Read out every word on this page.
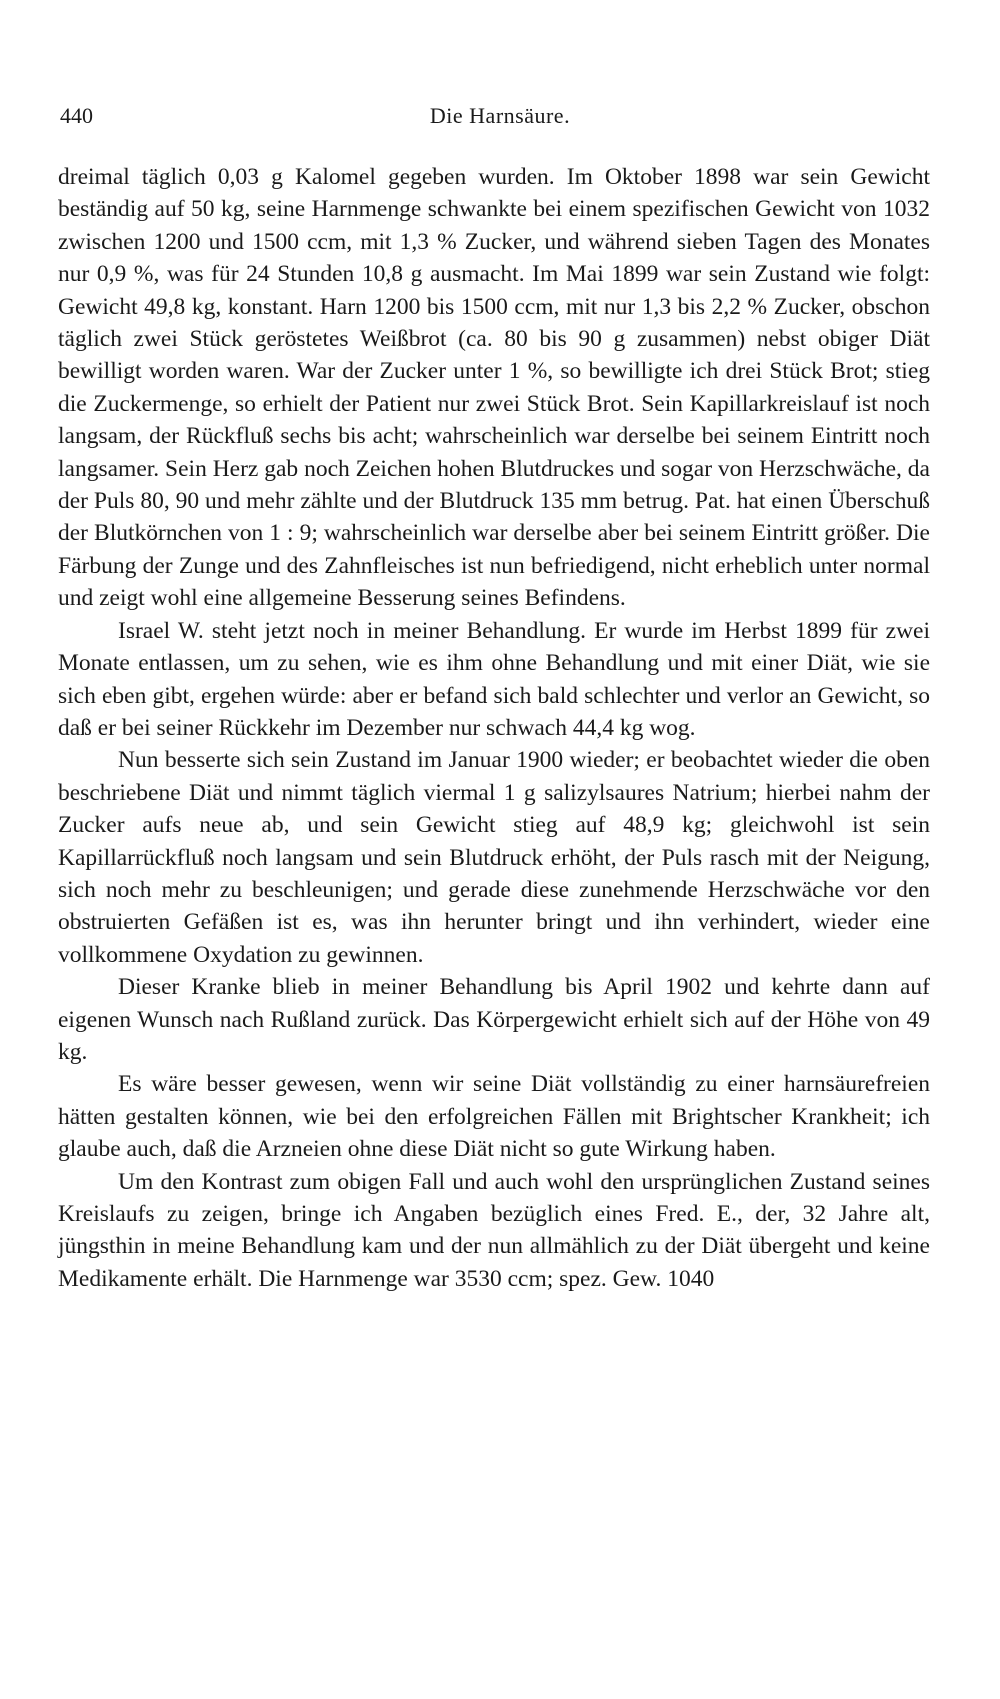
440	Die Harnsäure.

dreimal täglich 0,03 g Kalomel gegeben wurden. Im Oktober 1898 war sein Gewicht beständig auf 50 kg, seine Harnmenge schwankte bei einem spezifischen Gewicht von 1032 zwischen 1200 und 1500 ccm, mit 1,3 % Zucker, und während sieben Tagen des Monates nur 0,9 %, was für 24 Stunden 10,8 g ausmacht. Im Mai 1899 war sein Zustand wie folgt: Gewicht 49,8 kg, konstant. Harn 1200 bis 1500 ccm, mit nur 1,3 bis 2,2 % Zucker, obschon täglich zwei Stück geröstetes Weißbrot (ca. 80 bis 90 g zusammen) nebst obiger Diät bewilligt worden waren. War der Zucker unter 1 %, so bewilligte ich drei Stück Brot; stieg die Zuckermenge, so erhielt der Patient nur zwei Stück Brot. Sein Kapillarkreislauf ist noch langsam, der Rückfluß sechs bis acht; wahrscheinlich war derselbe bei seinem Eintritt noch langsamer. Sein Herz gab noch Zeichen hohen Blutdruckes und sogar von Herzschwäche, da der Puls 80, 90 und mehr zählte und der Blutdruck 135 mm betrug. Pat. hat einen Überschuß der Blutkörnchen von 1 : 9; wahrscheinlich war derselbe aber bei seinem Eintritt größer. Die Färbung der Zunge und des Zahnfleisches ist nun befriedigend, nicht erheblich unter normal und zeigt wohl eine allgemeine Besserung seines Befindens.

Israel W. steht jetzt noch in meiner Behandlung. Er wurde im Herbst 1899 für zwei Monate entlassen, um zu sehen, wie es ihm ohne Behandlung und mit einer Diät, wie sie sich eben gibt, ergehen würde: aber er befand sich bald schlechter und verlor an Gewicht, so daß er bei seiner Rückkehr im Dezember nur schwach 44,4 kg wog.

Nun besserte sich sein Zustand im Januar 1900 wieder; er beobachtet wieder die oben beschriebene Diät und nimmt täglich viermal 1 g salizylsaures Natrium; hierbei nahm der Zucker aufs neue ab, und sein Gewicht stieg auf 48,9 kg; gleichwohl ist sein Kapillarrückfluß noch langsam und sein Blutdruck erhöht, der Puls rasch mit der Neigung, sich noch mehr zu beschleunigen; und gerade diese zunehmende Herzschwäche vor den obstruierten Gefäßen ist es, was ihn herunter bringt und ihn verhindert, wieder eine vollkommene Oxydation zu gewinnen.

Dieser Kranke blieb in meiner Behandlung bis April 1902 und kehrte dann auf eigenen Wunsch nach Rußland zurück. Das Körpergewicht erhielt sich auf der Höhe von 49 kg.

Es wäre besser gewesen, wenn wir seine Diät vollständig zu einer harnsäurefreien hätten gestalten können, wie bei den erfolgreichen Fällen mit Brightscher Krankheit; ich glaube auch, daß die Arzneien ohne diese Diät nicht so gute Wirkung haben.

Um den Kontrast zum obigen Fall und auch wohl den ursprünglichen Zustand seines Kreislaufs zu zeigen, bringe ich Angaben bezüglich eines Fred. E., der, 32 Jahre alt, jüngsthin in meine Behandlung kam und der nun allmählich zu der Diät übergeht und keine Medikamente erhält. Die Harnmenge war 3530 ccm; spez. Gew. 1040
